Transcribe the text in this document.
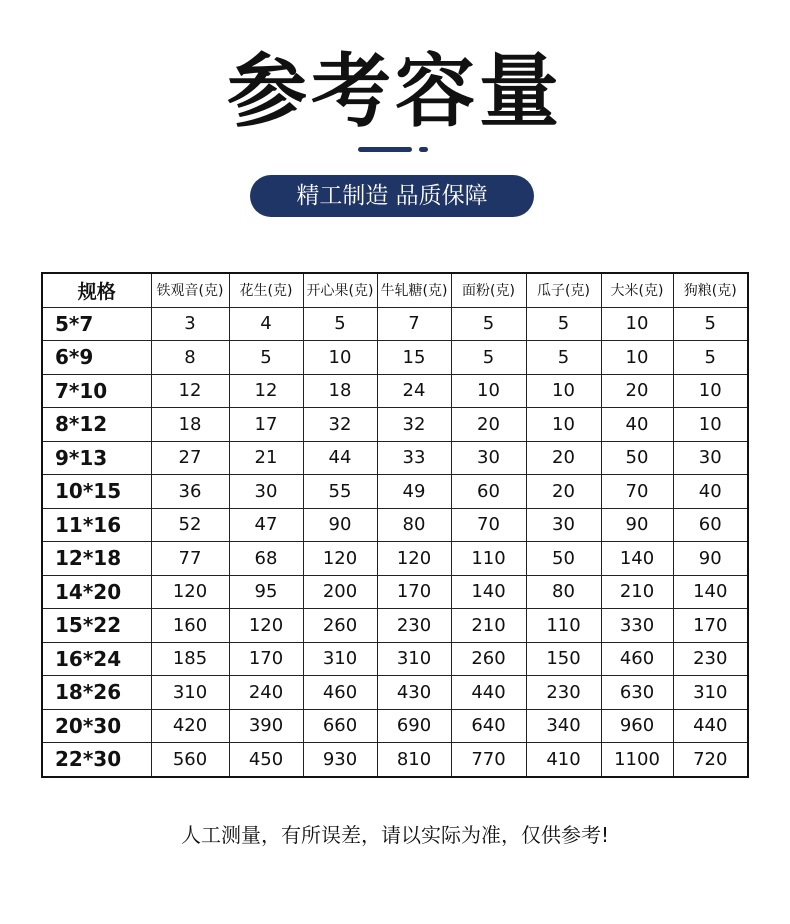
参考容量
精工制造 品质保障
规格	铁观音(克)	花生(克)	开心果(克)	牛轧糖(克)	面粉(克)	瓜子(克)	大米(克)	狗粮(克)
5*7	3	4	5	7	5	5	10	5
6*9	8	5	10	15	5	5	10	5
7*10	12	12	18	24	10	10	20	10
8*12	18	17	32	32	20	10	40	10
9*13	27	21	44	33	30	20	50	30
10*15	36	30	55	49	60	20	70	40
11*16	52	47	90	80	70	30	90	60
12*18	77	68	120	120	110	50	140	90
14*20	120	95	200	170	140	80	210	140
15*22	160	120	260	230	210	110	330	170
16*24	185	170	310	310	260	150	460	230
18*26	310	240	460	430	440	230	630	310
20*30	420	390	660	690	640	340	960	440
22*30	560	450	930	810	770	410	1100	720
人工测量，有所误差，请以实际为准，仅供参考!
